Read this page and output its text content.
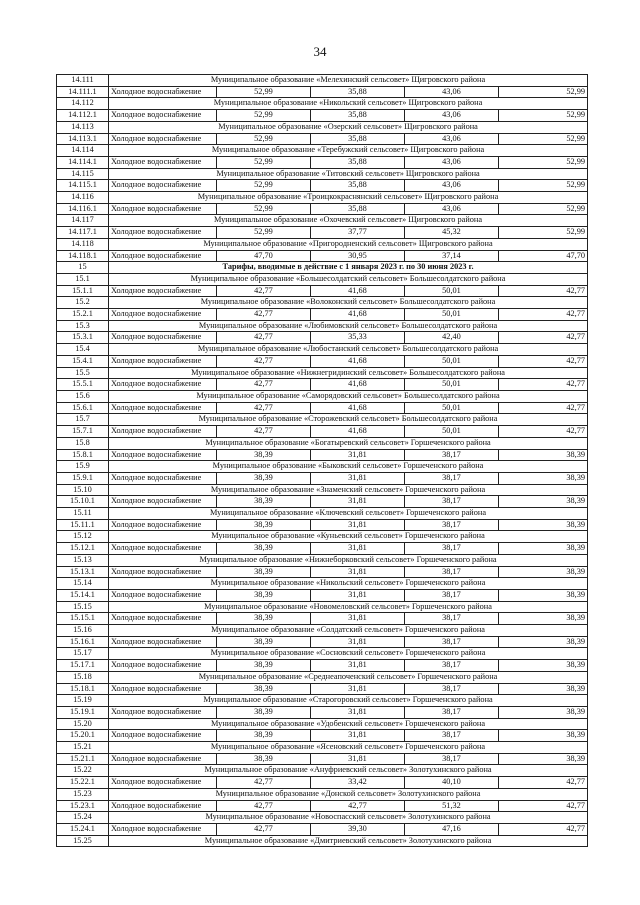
34
14.111	Муниципальное образование «Мелехинский сельсовет» Щигровского района				
14.111.1	Холодное водоснабжение	52,99	35,88	43,06	52,99
14.112	Муниципальное образование «Никольский сельсовет» Щигровского района				
14.112.1	Холодное водоснабжение	52,99	35,88	43,06	52,99
14.113	Муниципальное образование «Озерский сельсовет» Щигровского района				
14.113.1	Холодное водоснабжение	52,99	35,88	43,06	52,99
14.114	Муниципальное образование «Теребужский сельсовет» Щигровского района				
14.114.1	Холодное водоснабжение	52,99	35,88	43,06	52,99
14.115	Муниципальное образование «Титовский сельсовет» Щигровского района				
14.115.1	Холодное водоснабжение	52,99	35,88	43,06	52,99
14.116	Муниципальное образование «Троицкокраснянский сельсовет» Щигровского района				
14.116.1	Холодное водоснабжение	52,99	35,88	43,06	52,99
14.117	Муниципальное образование «Охочевский сельсовет» Щигровского района				
14.117.1	Холодное водоснабжение	52,99	37,77	45,32	52,99
14.118	Муниципальное образование «Пригородненский сельсовет» Щигровского района				
14.118.1	Холодное водоснабжение	47,70	30,95	37,14	47,70
15	Тарифы, вводимые в действие с 1 января 2023 г. по 30 июня 2023 г.				
15.1	Муниципальное образование «Большесолдатский сельсовет» Большесолдатского района				
15.1.1	Холодное водоснабжение	42,77	41,68	50,01	42,77
15.2	Муниципальное образование «Волоконский сельсовет» Большесолдатского района				
15.2.1	Холодное водоснабжение	42,77	41,68	50,01	42,77
15.3	Муниципальное образование «Любимовский сельсовет» Большесолдатского района				
15.3.1	Холодное водоснабжение	42,77	35,33	42,40	42,77
15.4	Муниципальное образование «Любостанский сельсовет» Большесолдатского района				
15.4.1	Холодное водоснабжение	42,77	41,68	50,01	42,77
15.5	Муниципальное образование «Нижнегридинский сельсовет» Большесолдатского района				
15.5.1	Холодное водоснабжение	42,77	41,68	50,01	42,77
15.6	Муниципальное образование «Саморядовский сельсовет» Большесолдатского района				
15.6.1	Холодное водоснабжение	42,77	41,68	50,01	42,77
15.7	Муниципальное образование «Сторожевский сельсовет» Большесолдатского района				
15.7.1	Холодное водоснабжение	42,77	41,68	50,01	42,77
15.8	Муниципальное образование «Богатыревский сельсовет» Горшеченского района				
15.8.1	Холодное водоснабжение	38,39	31,81	38,17	38,39
15.9	Муниципальное образование «Быковский сельсовет» Горшеченского района				
15.9.1	Холодное водоснабжение	38,39	31,81	38,17	38,39
15.10	Муниципальное образование «Знаменский сельсовет» Горшеченского района				
15.10.1	Холодное водоснабжение	38,39	31,81	38,17	38,39
15.11	Муниципальное образование «Ключевский сельсовет» Горшеченского района				
15.11.1	Холодное водоснабжение	38,39	31,81	38,17	38,39
15.12	Муниципальное образование «Куньевский сельсовет» Горшеченского района				
15.12.1	Холодное водоснабжение	38,39	31,81	38,17	38,39
15.13	Муниципальное образование «Нижнеборковский сельсовет» Горшеченского района				
15.13.1	Холодное водоснабжение	38,39	31,81	38,17	38,39
15.14	Муниципальное образование «Никольский сельсовет» Горшеченского района				
15.14.1	Холодное водоснабжение	38,39	31,81	38,17	38,39
15.15	Муниципальное образование «Новомеловский сельсовет» Горшеченского района				
15.15.1	Холодное водоснабжение	38,39	31,81	38,17	38,39
15.16	Муниципальное образование «Солдатский сельсовет» Горшеченского района				
15.16.1	Холодное водоснабжение	38,39	31,81	38,17	38,39
15.17	Муниципальное образование «Сосновский сельсовет» Горшеченского района				
15.17.1	Холодное водоснабжение	38,39	31,81	38,17	38,39
15.18	Муниципальное образование «Среднеапоченский сельсовет» Горшеченского района				
15.18.1	Холодное водоснабжение	38,39	31,81	38,17	38,39
15.19	Муниципальное образование «Старогоровский сельсовет» Горшеченского района				
15.19.1	Холодное водоснабжение	38,39	31,81	38,17	38,39
15.20	Муниципальное образование «Удобенский сельсовет» Горшеченского района				
15.20.1	Холодное водоснабжение	38,39	31,81	38,17	38,39
15.21	Муниципальное образование «Ясеновский сельсовет» Горшеченского района				
15.21.1	Холодное водоснабжение	38,39	31,81	38,17	38,39
15.22	Муниципальное образование «Ануфриевский сельсовет» Золотухинского района				
15.22.1	Холодное водоснабжение	42,77	33,42	40,10	42,77
15.23	Муниципальное образование «Донской сельсовет» Золотухинского района				
15.23.1	Холодное водоснабжение	42,77	42,77	51,32	42,77
15.24	Муниципальное образование «Новоспасский сельсовет» Золотухинского района				
15.24.1	Холодное водоснабжение	42,77	39,30	47,16	42,77
15.25	Муниципальное образование «Дмитриевский сельсовет» Золотухинского района				
